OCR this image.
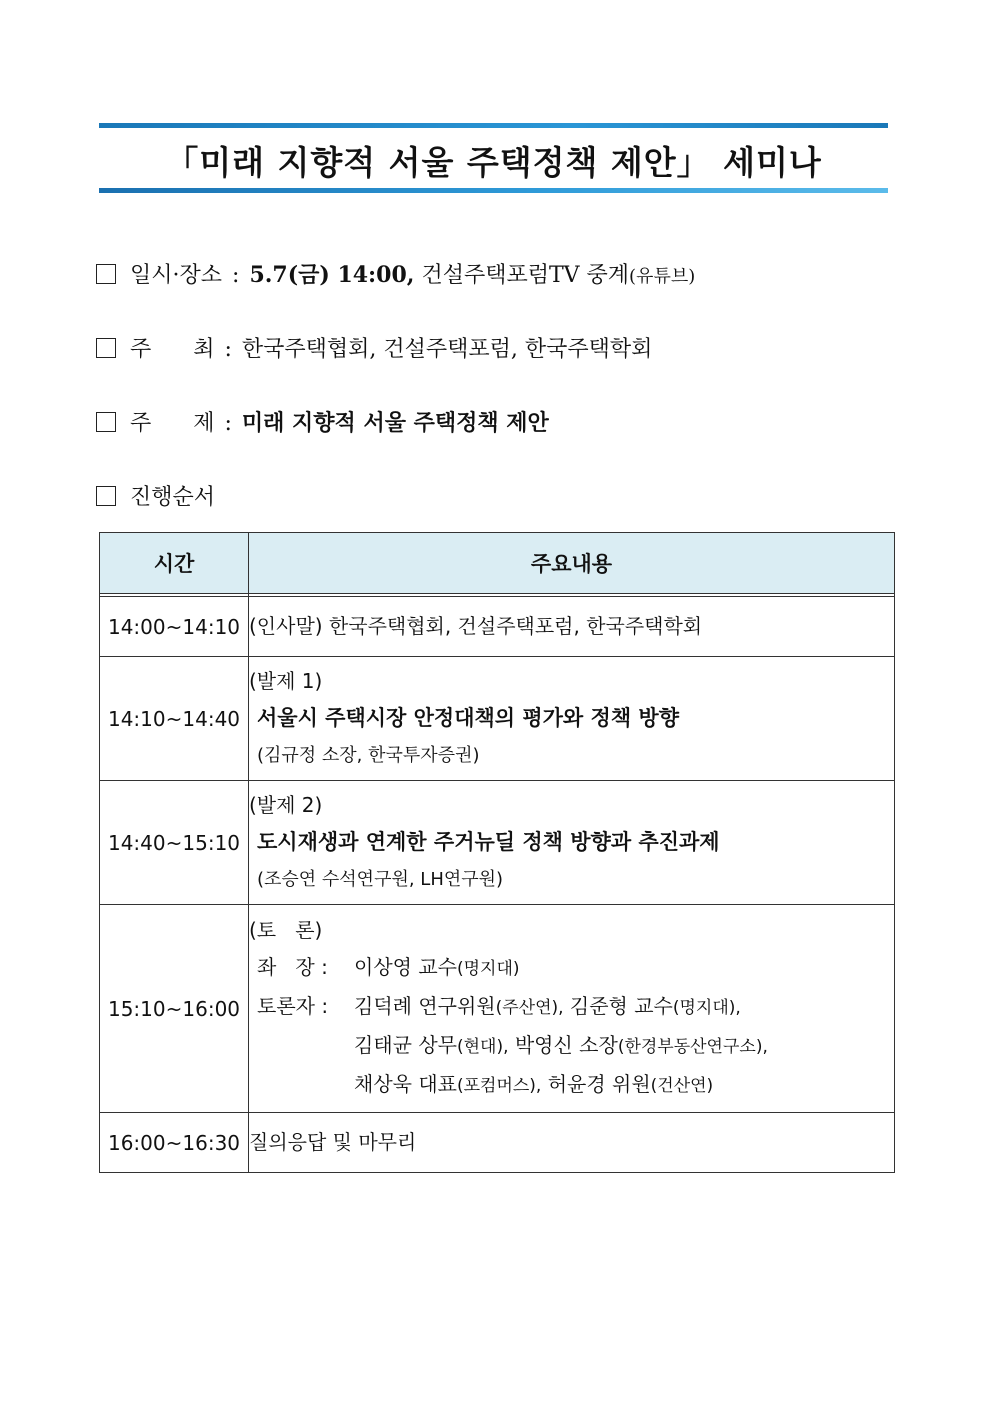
「미래 지향적 서울 주택정책 제안」 세미나
일시·장소 : 5.7(금) 14:00, 건설주택포럼TV 중계(유튜브)
주      최 : 한국주택협회, 건설주택포럼, 한국주택학회
주      제 : 미래 지향적 서울 주택정책 제안
진행순서
시간	주요내용

14:00~14:10	(인사말) 한국주택협회, 건설주택포럼, 한국주택학회

14:10~14:40	(발제 1)
서울시 주택시장 안정대책의 평가와 정책 방향
(김규정 소장, 한국투자증권)

14:40~15:10	(발제 2)
도시재생과 연계한 주거뉴딜 정책 방향과 추진과제
(조승연 수석연구원, LH연구원)

15:10~16:00	(토   론)
좌   장 : 이상영 교수(명지대)
토론자 : 김덕례 연구위원(주산연), 김준형 교수(명지대),
김태균 상무(현대), 박영신 소장(한경부동산연구소),
채상욱 대표(포컴머스), 허윤경 위원(건산연)

16:00~16:30	질의응답 및 마무리
